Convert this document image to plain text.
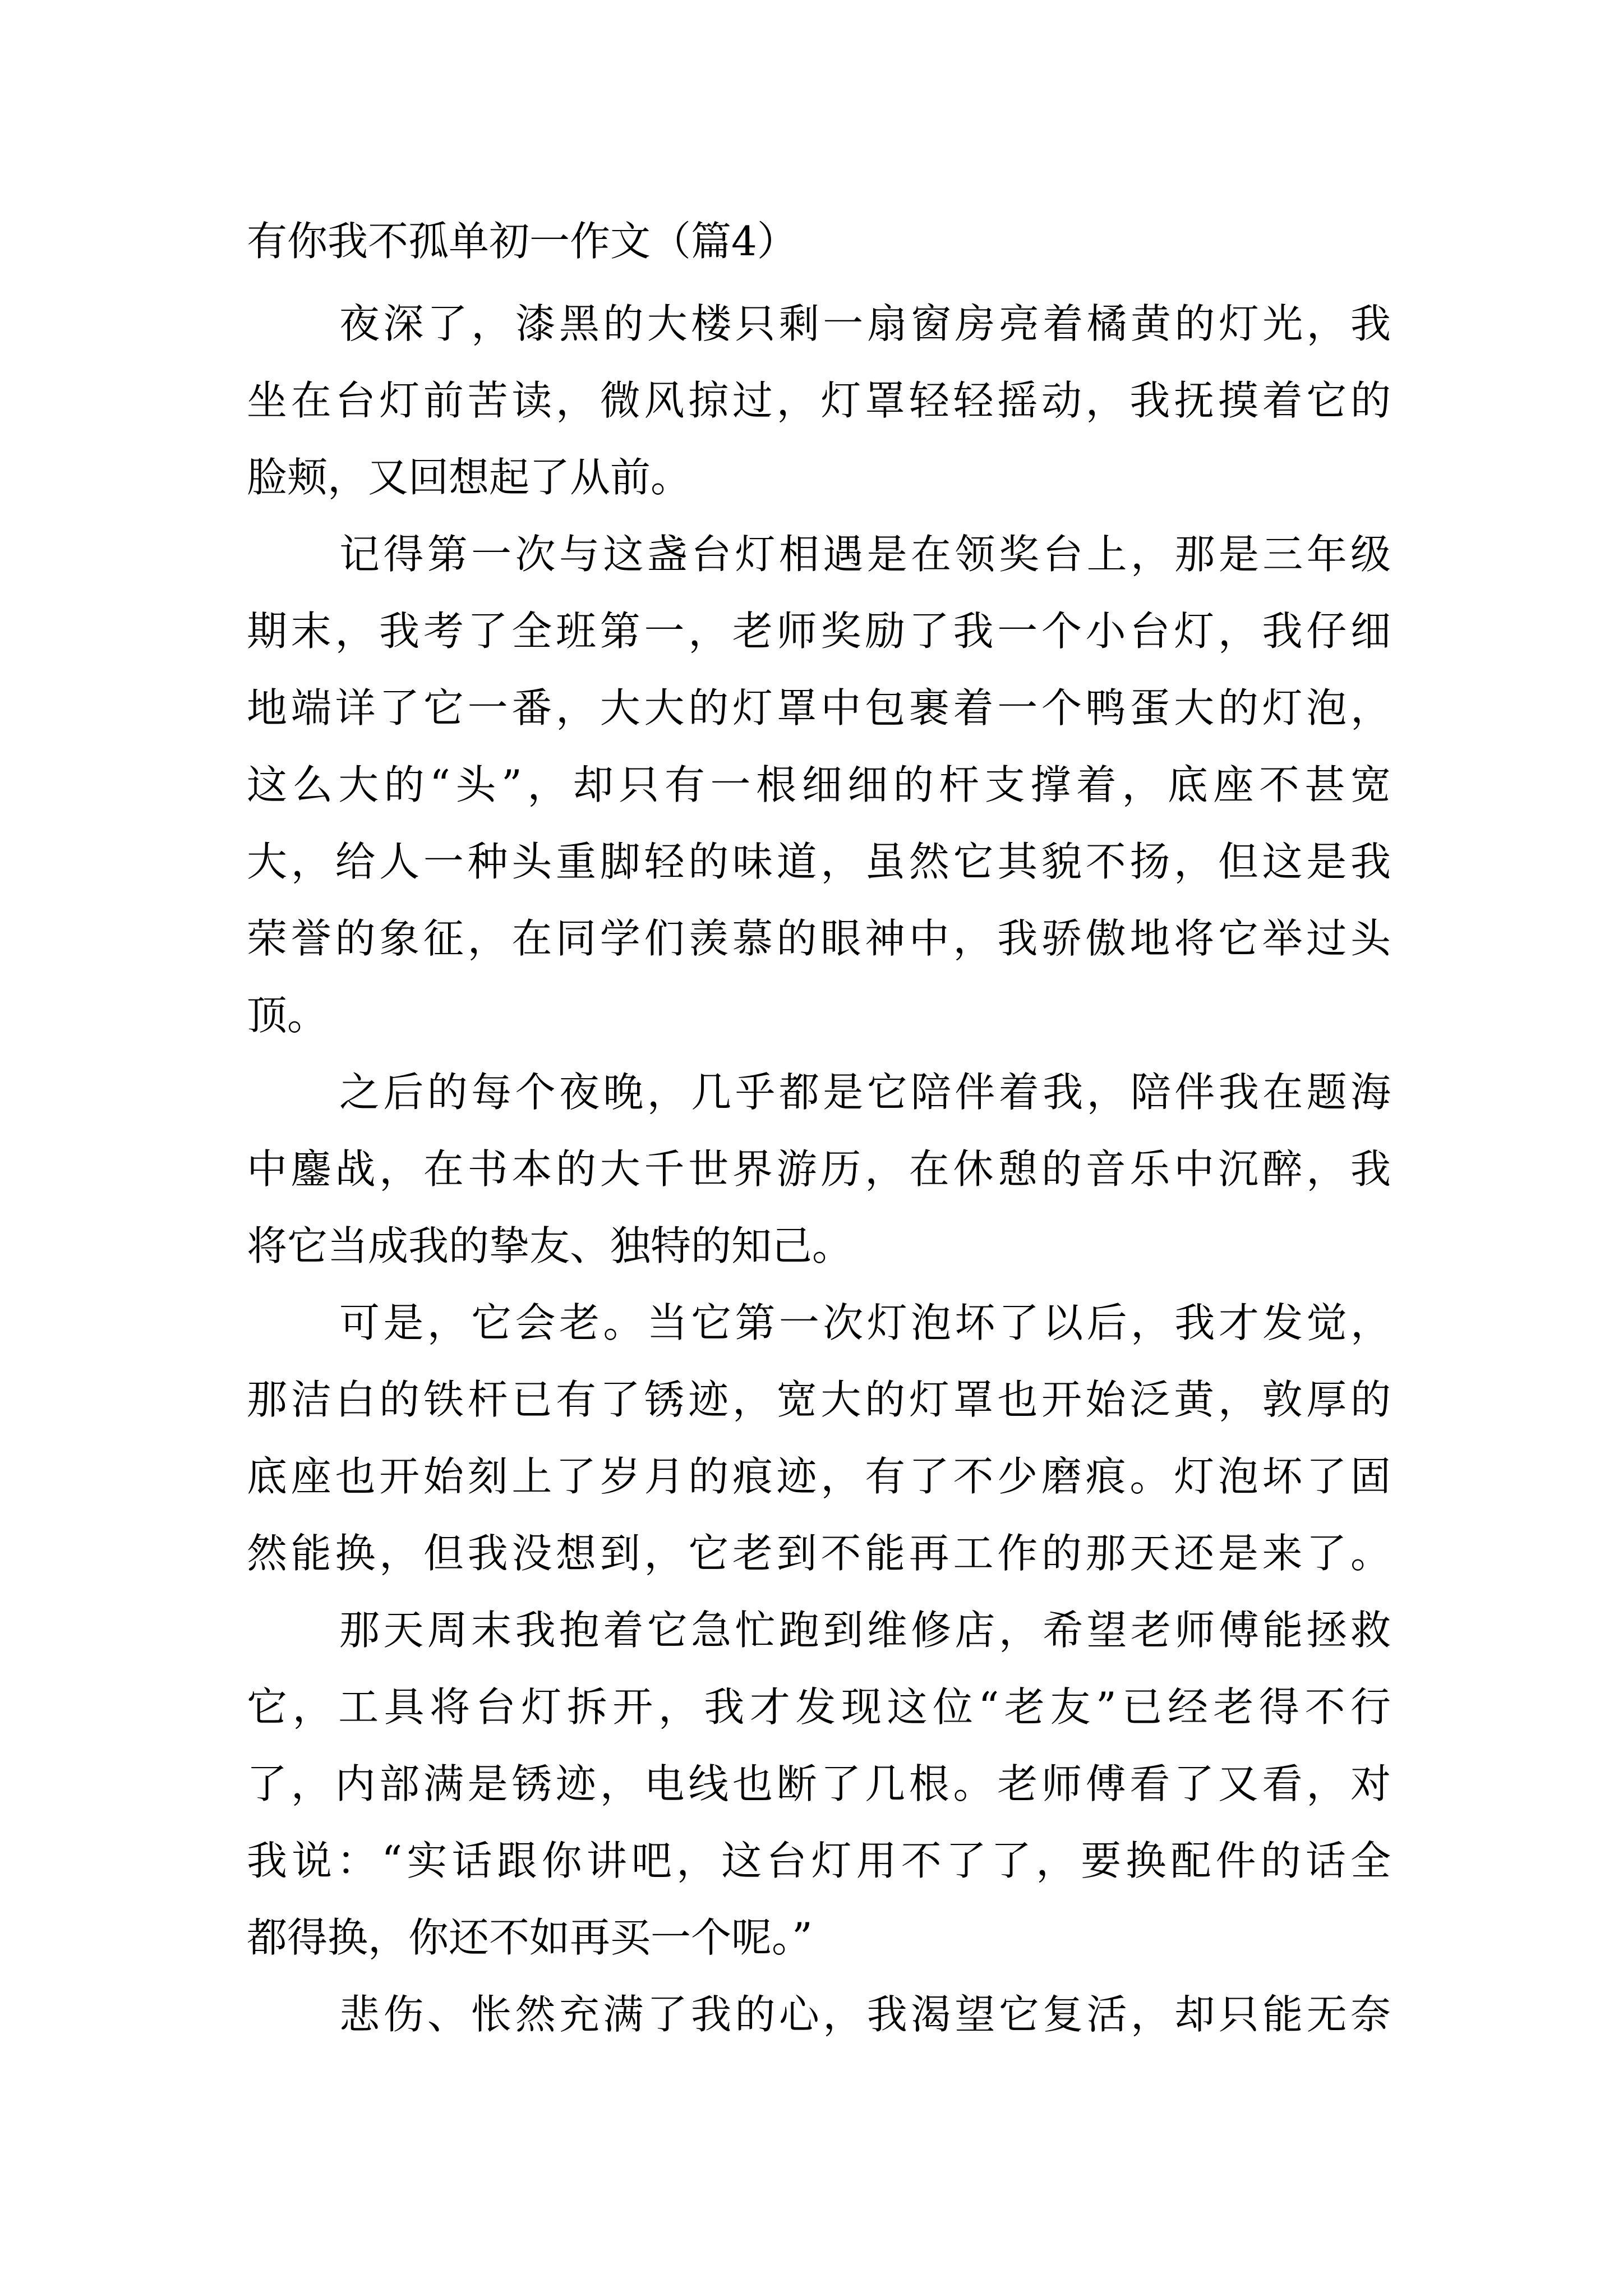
有你我不孤单初一作文（篇4）
夜深了，漆黑的大楼只剩一扇窗房亮着橘黄的灯光，我
坐在台灯前苦读，微风掠过，灯罩轻轻摇动，我抚摸着它的
脸颊，又回想起了从前。
记得第一次与这盏台灯相遇是在领奖台上，那是三年级
期末，我考了全班第一，老师奖励了我一个小台灯，我仔细
地端详了它一番，大大的灯罩中包裹着一个鸭蛋大的灯泡，
这么大的“头”，却只有一根细细的杆支撑着，底座不甚宽
大，给人一种头重脚轻的味道，虽然它其貌不扬，但这是我
荣誉的象征，在同学们羡慕的眼神中，我骄傲地将它举过头
顶。
之后的每个夜晚，几乎都是它陪伴着我，陪伴我在题海
中鏖战，在书本的大千世界游历，在休憩的音乐中沉醉，我
将它当成我的挚友、独特的知己。
可是，它会老。当它第一次灯泡坏了以后，我才发觉，
那洁白的铁杆已有了锈迹，宽大的灯罩也开始泛黄，敦厚的
底座也开始刻上了岁月的痕迹，有了不少磨痕。灯泡坏了固
然能换，但我没想到，它老到不能再工作的那天还是来了。
那天周末我抱着它急忙跑到维修店，希望老师傅能拯救
它，工具将台灯拆开，我才发现这位“老友”已经老得不行
了，内部满是锈迹，电线也断了几根。老师傅看了又看，对
我说：“实话跟你讲吧，这台灯用不了了，要换配件的话全
都得换，你还不如再买一个呢。”
悲伤、怅然充满了我的心，我渴望它复活，却只能无奈
